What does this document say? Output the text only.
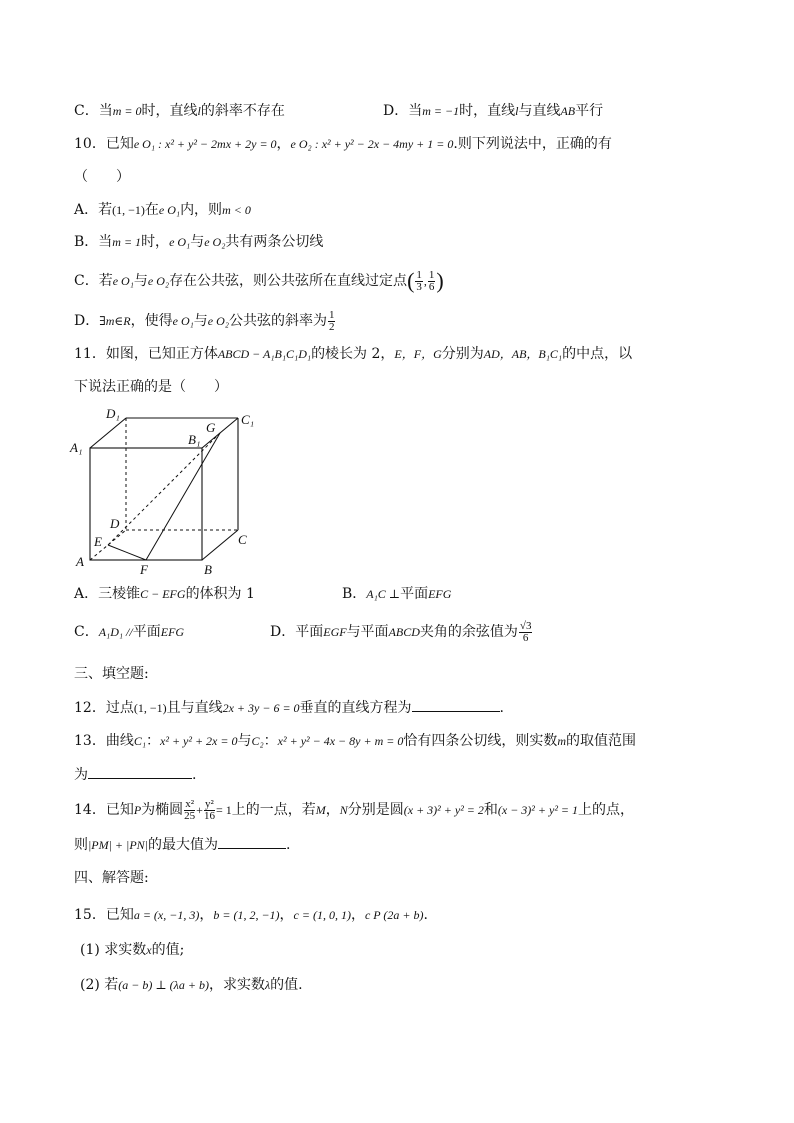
C．当m = 0时，直线l的斜率不存在	D．当m = −1时，直线l与直线AB平行
10．已知e O₁ : x² + y² − 2mx + 2y = 0，e O₂ : x² + y² − 2x − 4my + 1 = 0.则下列说法中，正确的有
（　　）
A．若(1, −1)在e O₁内，则m < 0
B．当m = 1时，e O₁与e O₂共有两条公切线
C．若e O₁与e O₂存在公共弦，则公共弦所在直线过定点( $\frac{1}{3}$ , $\frac{1}{6}$ )
D．∃m∈R，使得e O₁与e O₂公共弦的斜率为 $\frac{1}{2}$
11．如图，已知正方体ABCD − A₁B₁C₁D₁的棱长为 2，E，F，G分别为AD，AB，B₁C₁的中点，以
下说法正确的是（　　）
D₁
A₁
B₁
G
C₁
D
E
A
F	B
C
A．三棱锥C − EFG的体积为 1	B．A₁C ⊥平面EFG
C．A₁D₁ //平面EFG	D．平面EGF与平面ABCD夹角的余弦值为 $\frac{√3}{6}$
三、填空题:
12．过点(1, −1)且与直线2x + 3y − 6 = 0垂直的直线方程为	.
13．曲线C₁：x² + y² + 2x = 0与C₂：x² + y² − 4x − 8y + m = 0恰有四条公切线，则实数m的取值范围
为	.
14．已知P为椭圆 $\frac{\text{x²}}{25} + \frac{\text{y²}}{16} = 1$上的一点，若M，N分别是圆(x + 3)² + y² = 2和(x − 3)² + y² = 1上的点，
则|PM| + |PN|的最大值为	.
四、解答题:
15．已知a = (x, −1, 3)，b = (1, 2, −1)，c = (1, 0, 1)，c P (2a + b).
(1) 求实数x的值;
(2) 若(a − b) ⊥ (λa + b)，求实数λ的值.
